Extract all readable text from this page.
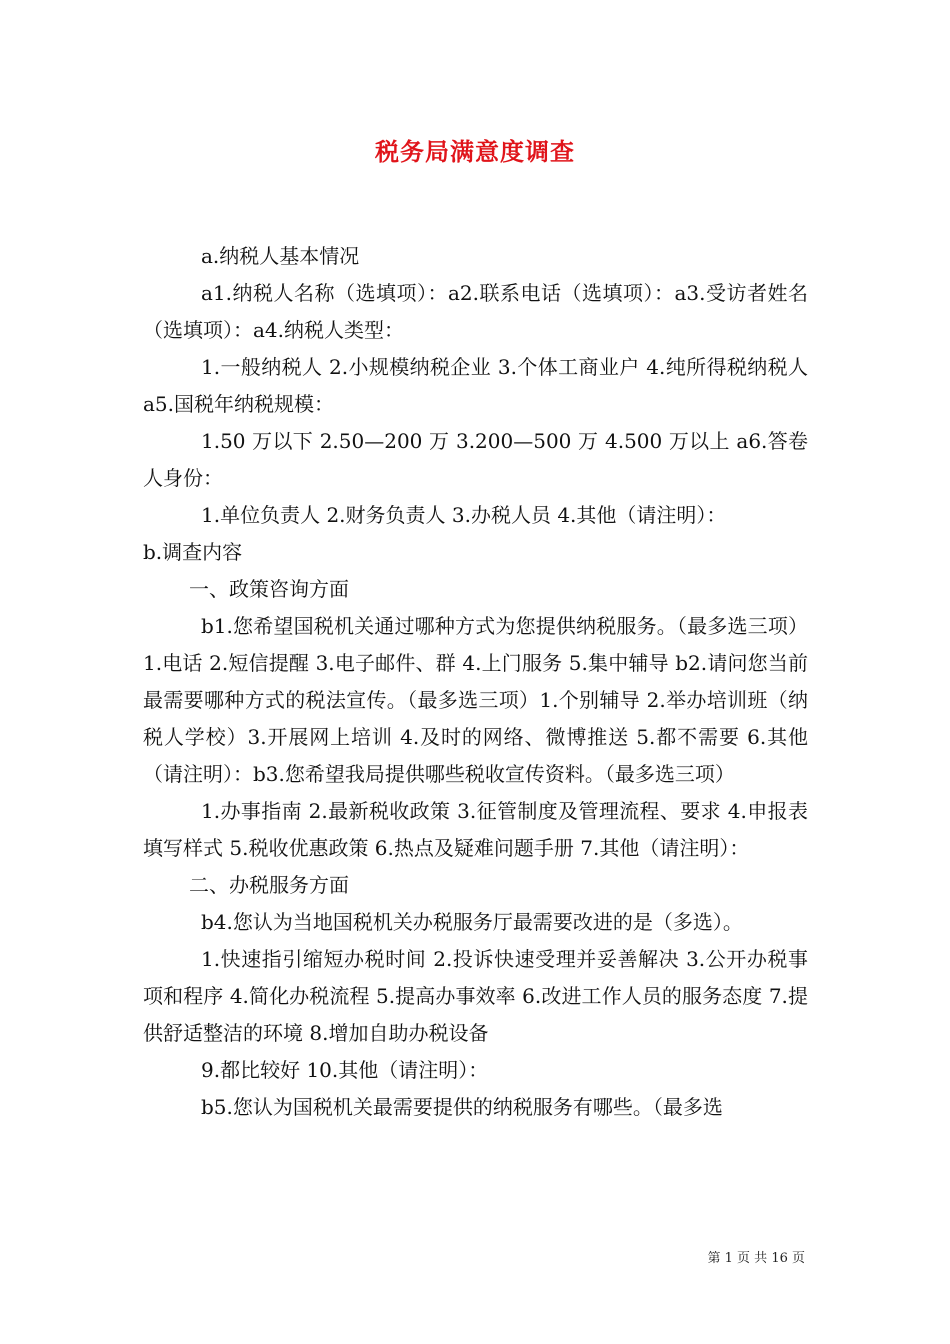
税务局满意度调查

a.纳税人基本情况

a1.纳税人名称（选填项）：a2.联系电话（选填项）：a3.受访者姓名（选填项）：a4.纳税人类型：

1.一般纳税人 2.小规模纳税企业 3.个体工商业户 4.纯所得税纳税人 a5.国税年纳税规模：

1.50 万以下 2.50—200 万 3.200—500 万 4.500 万以上 a6.答卷人身份：

1.单位负责人 2.财务负责人 3.办税人员 4.其他（请注明）：

b.调查内容

一、政策咨询方面

b1.您希望国税机关通过哪种方式为您提供纳税服务。（最多选三项）1.电话 2.短信提醒 3.电子邮件、群 4.上门服务 5.集中辅导 b2.请问您当前最需要哪种方式的税法宣传。（最多选三项）1.个别辅导 2.举办培训班（纳税人学校）3.开展网上培训 4.及时的网络、微博推送 5.都不需要 6.其他（请注明）：b3.您希望我局提供哪些税收宣传资料。（最多选三项）

1.办事指南 2.最新税收政策 3.征管制度及管理流程、要求 4.申报表填写样式 5.税收优惠政策 6.热点及疑难问题手册 7.其他（请注明）：

二、办税服务方面

b4.您认为当地国税机关办税服务厅最需要改进的是（多选）。

1.快速指引缩短办税时间 2.投诉快速受理并妥善解决 3.公开办税事项和程序 4.简化办税流程 5.提高办事效率 6.改进工作人员的服务态度 7.提供舒适整洁的环境 8.增加自助办税设备

9.都比较好 10.其他（请注明）：

b5.您认为国税机关最需要提供的纳税服务有哪些。（最多选

第 1 页 共 16 页
